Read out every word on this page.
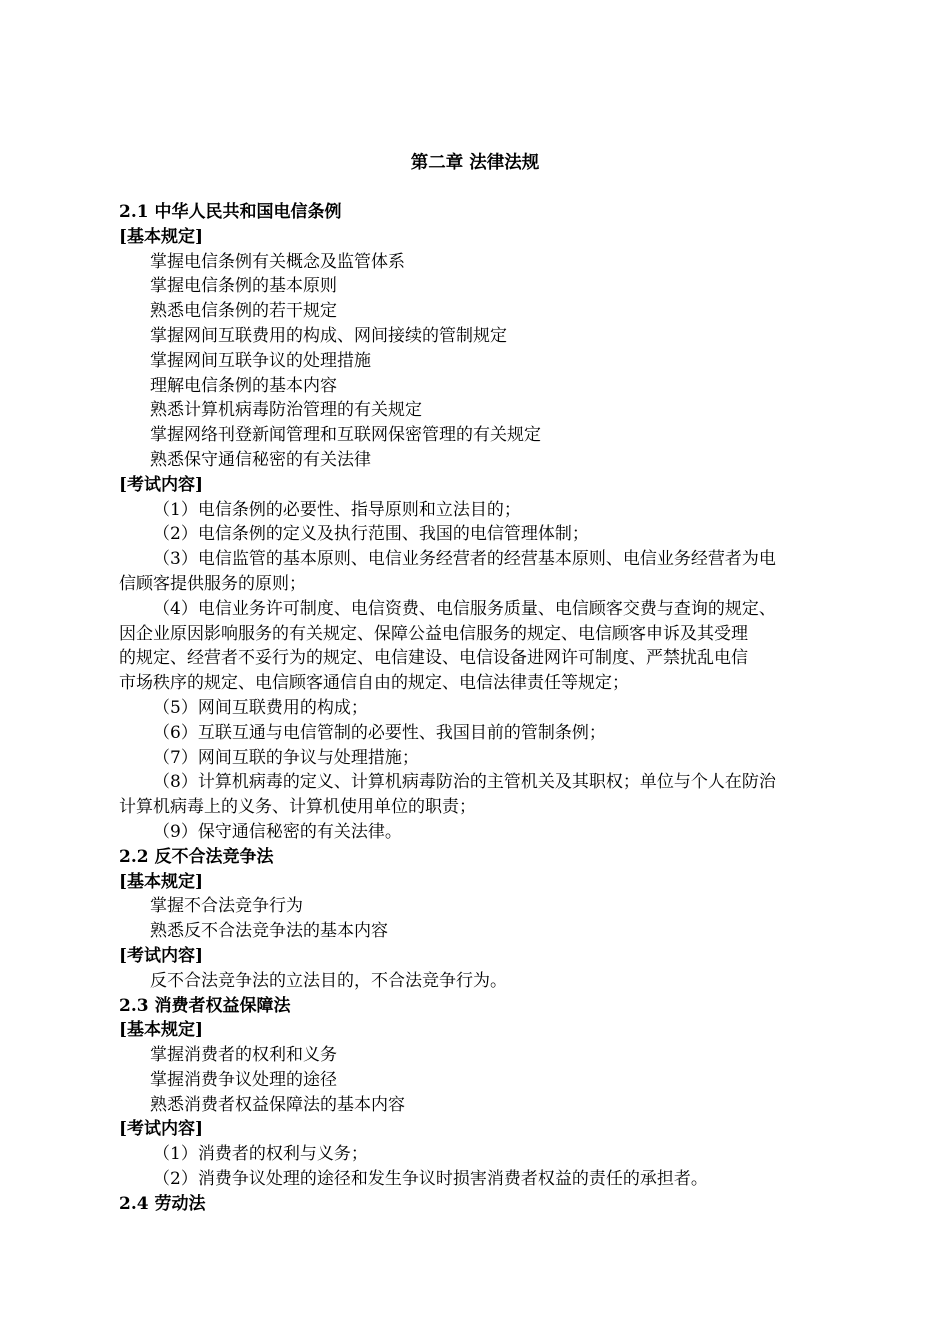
第二章 法律法规
2.1 中华人民共和国电信条例
[基本规定]
掌握电信条例有关概念及监管体系
掌握电信条例的基本原则
熟悉电信条例的若干规定
掌握网间互联费用的构成、网间接续的管制规定
掌握网间互联争议的处理措施
理解电信条例的基本内容
熟悉计算机病毒防治管理的有关规定
掌握网络刊登新闻管理和互联网保密管理的有关规定
熟悉保守通信秘密的有关法律
[考试内容]
（1）电信条例的必要性、指导原则和立法目的；
（2）电信条例的定义及执行范围、我国的电信管理体制；
（3）电信监管的基本原则、电信业务经营者的经营基本原则、电信业务经营者为电
信顾客提供服务的原则；
（4）电信业务许可制度、电信资费、电信服务质量、电信顾客交费与查询的规定、
因企业原因影响服务的有关规定、保障公益电信服务的规定、电信顾客申诉及其受理
的规定、经营者不妥行为的规定、电信建设、电信设备进网许可制度、严禁扰乱电信
市场秩序的规定、电信顾客通信自由的规定、电信法律责任等规定；
（5）网间互联费用的构成；
（6）互联互通与电信管制的必要性、我国目前的管制条例；
（7）网间互联的争议与处理措施；
（8）计算机病毒的定义、计算机病毒防治的主管机关及其职权；单位与个人在防治
计算机病毒上的义务、计算机使用单位的职责；
（9）保守通信秘密的有关法律。
2.2 反不合法竞争法
[基本规定]
掌握不合法竞争行为
熟悉反不合法竞争法的基本内容
[考试内容]
反不合法竞争法的立法目的，不合法竞争行为。
2.3 消费者权益保障法
[基本规定]
掌握消费者的权利和义务
掌握消费争议处理的途径
熟悉消费者权益保障法的基本内容
[考试内容]
（1）消费者的权利与义务；
（2）消费争议处理的途径和发生争议时损害消费者权益的责任的承担者。
2.4 劳动法
